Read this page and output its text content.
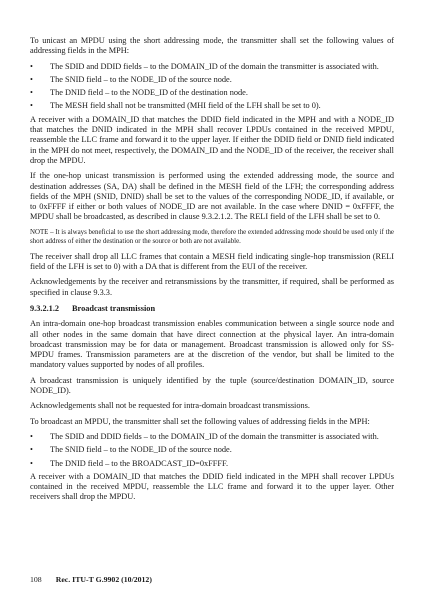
To unicast an MPDU using the short addressing mode, the transmitter shall set the following values of addressing fields in the MPH:

•	The SDID and DDID fields – to the DOMAIN_ID of the domain the transmitter is associated with.
•	The SNID field – to the NODE_ID of the source node.
•	The DNID field – to the NODE_ID of the destination node.
•	The MESH field shall not be transmitted (MHI field of the LFH shall be set to 0).

A receiver with a DOMAIN_ID that matches the DDID field indicated in the MPH and with a NODE_ID that matches the DNID indicated in the MPH shall recover LPDUs contained in the received MPDU, reassemble the LLC frame and forward it to the upper layer. If either the DDID field or DNID field indicated in the MPH do not meet, respectively, the DOMAIN_ID and the NODE_ID of the receiver, the receiver shall drop the MPDU.

If the one-hop unicast transmission is performed using the extended addressing mode, the source and destination addresses (SA, DA) shall be defined in the MESH field of the LFH; the corresponding address fields of the MPH (SNID, DNID) shall be set to the values of the corresponding NODE_ID, if available, or to 0xFFFF if either or both values of NODE_ID are not available. In the case where DNID = 0xFFFF, the MPDU shall be broadcasted, as described in clause 9.3.2.1.2. The RELI field of the LFH shall be set to 0.

NOTE – It is always beneficial to use the short addressing mode, therefore the extended addressing mode should be used only if the short address of either the destination or the source or both are not available.

The receiver shall drop all LLC frames that contain a MESH field indicating single-hop transmission (RELI field of the LFH is set to 0) with a DA that is different from the EUI of the receiver.

Acknowledgements by the receiver and retransmissions by the transmitter, if required, shall be performed as specified in clause 9.3.3.

9.3.2.1.2	Broadcast transmission

An intra-domain one-hop broadcast transmission enables communication between a single source node and all other nodes in the same domain that have direct connection at the physical layer. An intra-domain broadcast transmission may be for data or management. Broadcast transmission is allowed only for SS-MPDU frames. Transmission parameters are at the discretion of the vendor, but shall be limited to the mandatory values supported by nodes of all profiles.

A broadcast transmission is uniquely identified by the tuple (source/destination DOMAIN_ID, source NODE_ID).

Acknowledgements shall not be requested for intra-domain broadcast transmissions.

To broadcast an MPDU, the transmitter shall set the following values of addressing fields in the MPH:

•	The SDID and DDID fields – to the DOMAIN_ID of the domain the transmitter is associated with.
•	The SNID field – to the NODE_ID of the source node.
•	The DNID field – to the BROADCAST_ID=0xFFFF.

A receiver with a DOMAIN_ID that matches the DDID field indicated in the MPH shall recover LPDUs contained in the received MPDU, reassemble the LLC frame and forward it to the upper layer. Other receivers shall drop the MPDU.

108 Rec. ITU-T G.9902 (10/2012)
